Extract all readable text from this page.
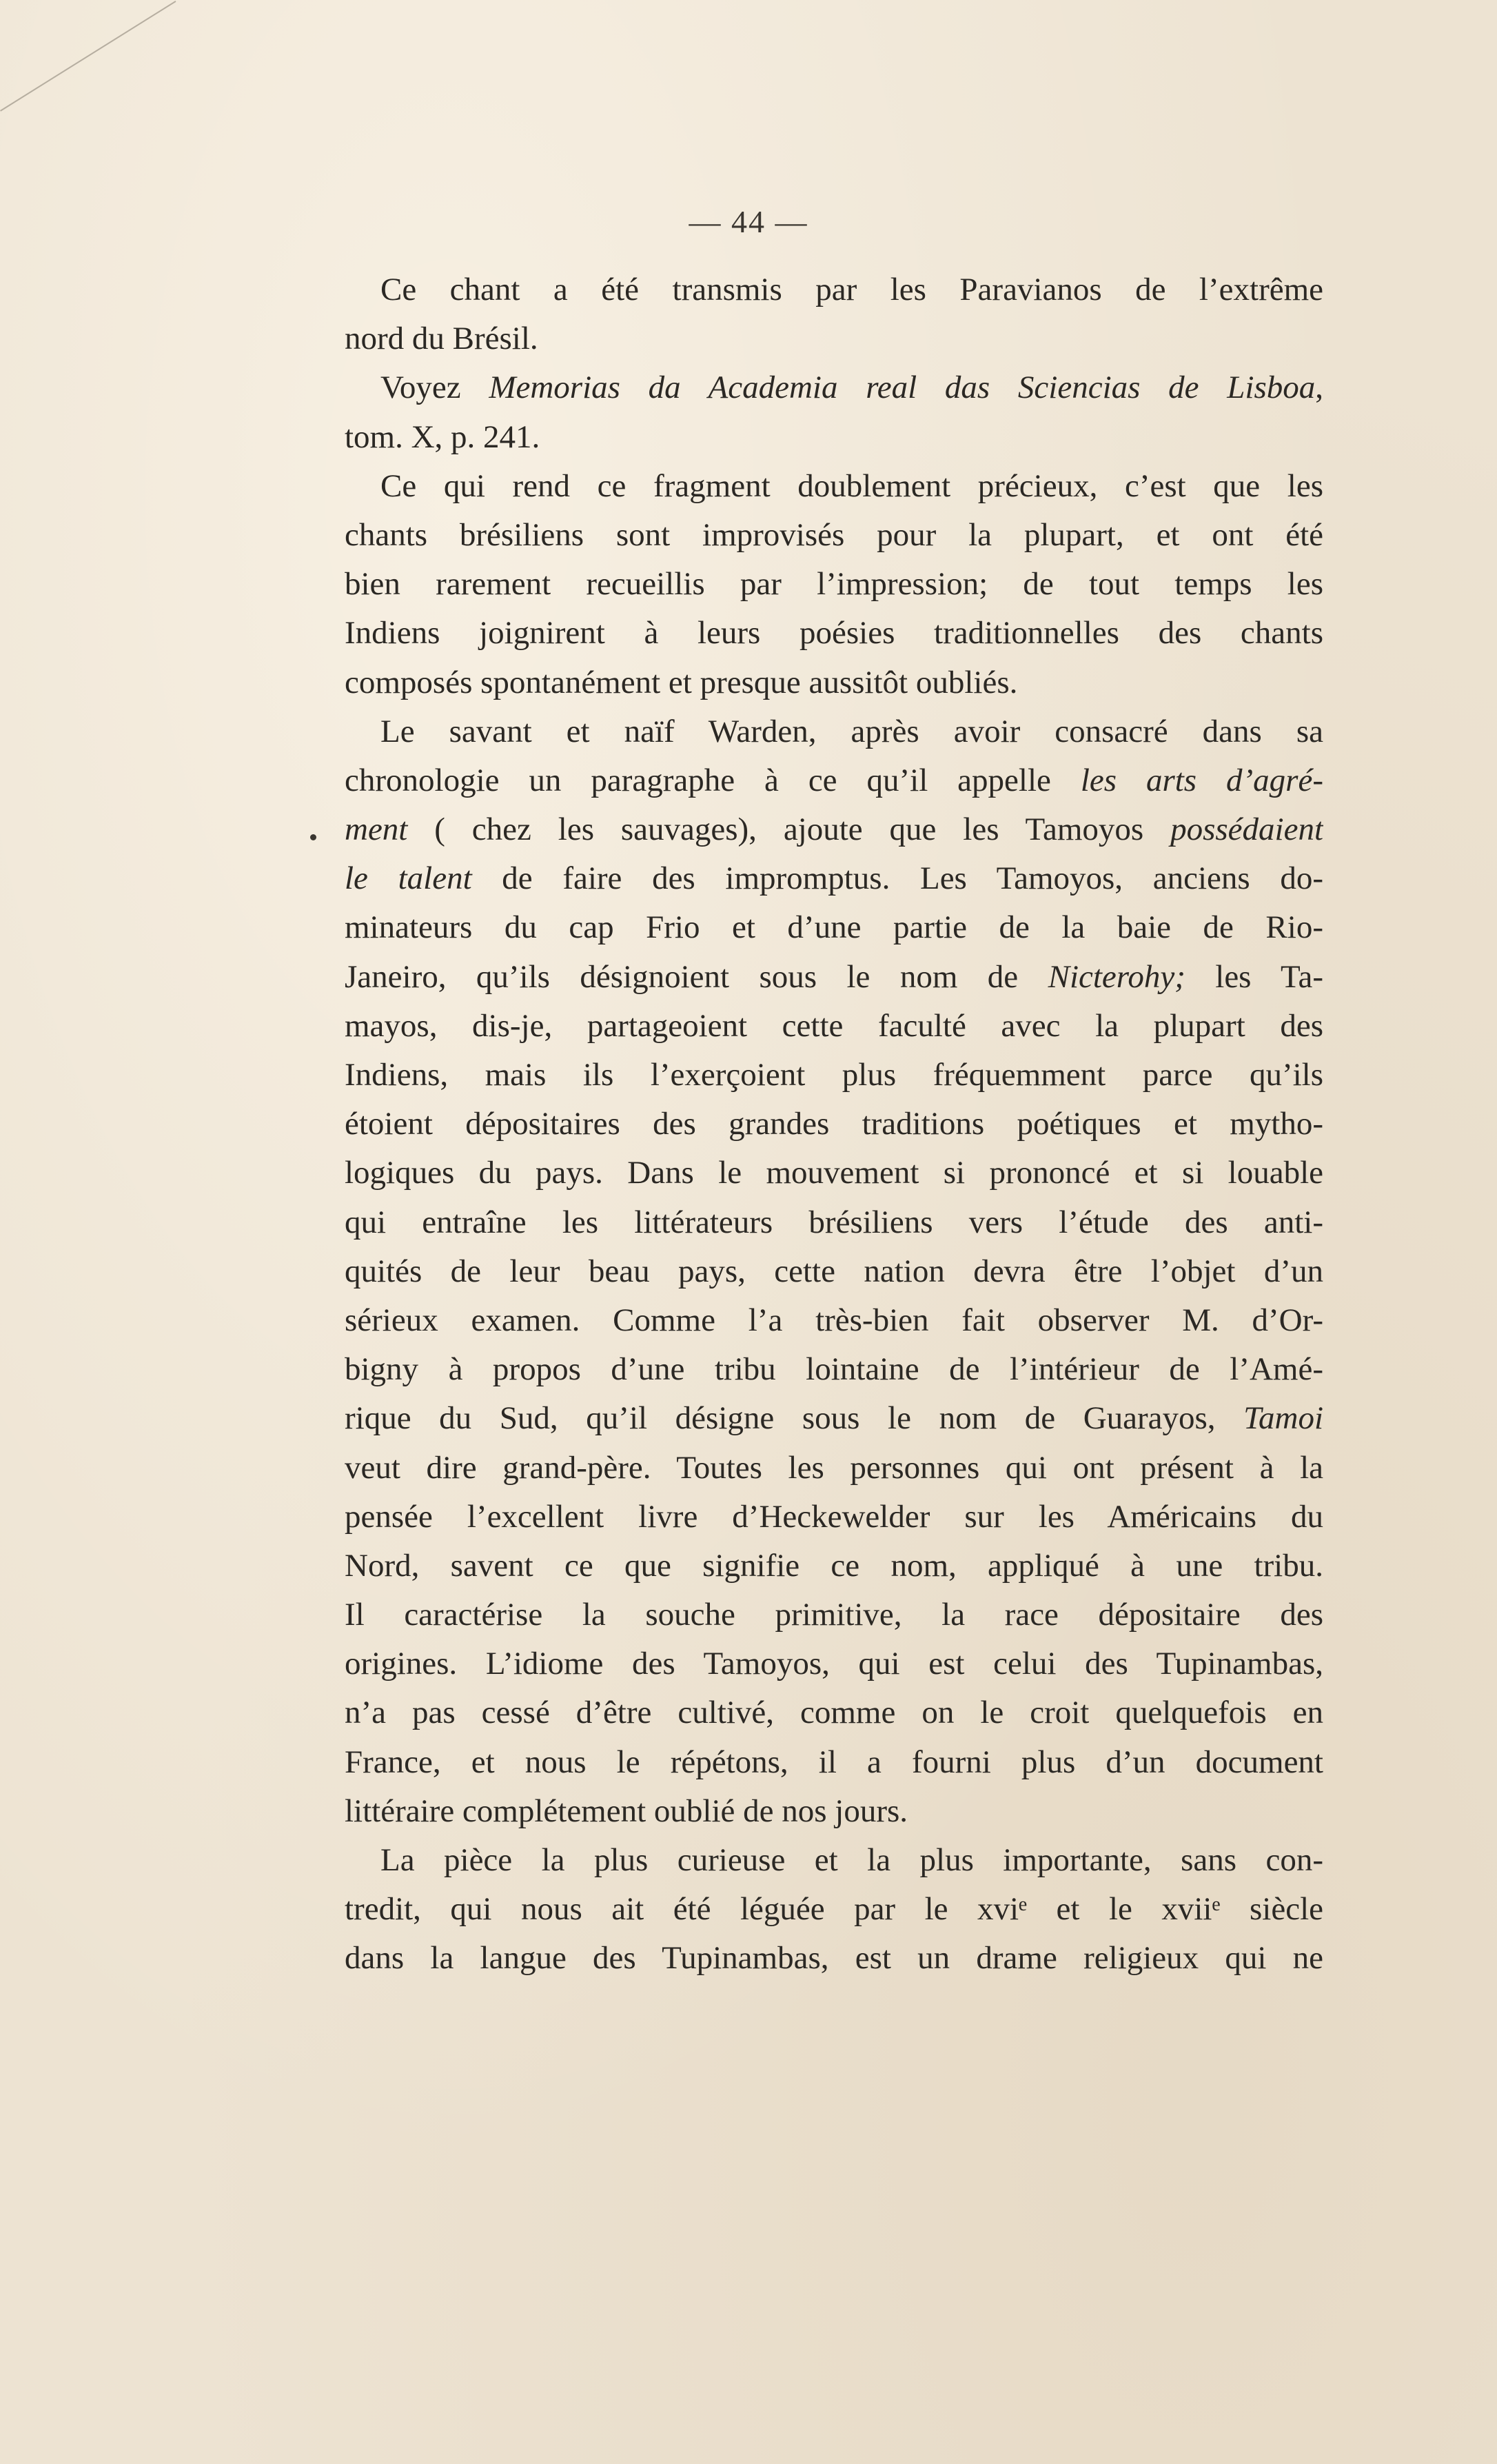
— 44 —
Ce chant a été transmis par les Paravianos de l’extrême
nord du Brésil.
Voyez Memorias da Academia real das Sciencias de Lisboa,
tom. X, p. 241.
Ce qui rend ce fragment doublement précieux, c’est que les
chants brésiliens sont improvisés pour la plupart, et ont été
bien rarement recueillis par l’impression; de tout temps les
Indiens joignirent à leurs poésies traditionnelles des chants
composés spontanément et presque aussitôt oubliés.
Le savant et naïf Warden, après avoir consacré dans sa
chronologie un paragraphe à ce qu’il appelle les arts d’agré-
ment ( chez les sauvages), ajoute que les Tamoyos possédaient
le talent de faire des impromptus. Les Tamoyos, anciens do-
minateurs du cap Frio et d’une partie de la baie de Rio-
Janeiro, qu’ils désignoient sous le nom de Nicterohy; les Ta-
mayos, dis-je, partageoient cette faculté avec la plupart des
Indiens, mais ils l’exerçoient plus fréquemment parce qu’ils
étoient dépositaires des grandes traditions poétiques et mytho-
logiques du pays. Dans le mouvement si prononcé et si louable
qui entraîne les littérateurs brésiliens vers l’étude des anti-
quités de leur beau pays, cette nation devra être l’objet d’un
sérieux examen. Comme l’a très-bien fait observer M. d’Or-
bigny à propos d’une tribu lointaine de l’intérieur de l’Amé-
rique du Sud, qu’il désigne sous le nom de Guarayos, Tamoi
veut dire grand-père. Toutes les personnes qui ont présent à la
pensée l’excellent livre d’Heckewelder sur les Américains du
Nord, savent ce que signifie ce nom, appliqué à une tribu.
Il caractérise la souche primitive, la race dépositaire des
origines. L’idiome des Tamoyos, qui est celui des Tupinambas,
n’a pas cessé d’être cultivé, comme on le croit quelquefois en
France, et nous le répétons, il a fourni plus d’un document
littéraire complétement oublié de nos jours.
La pièce la plus curieuse et la plus importante, sans con-
tredit, qui nous ait été léguée par le xviᵉ et le xviiᵉ siècle
dans la langue des Tupinambas, est un drame religieux qui ne
